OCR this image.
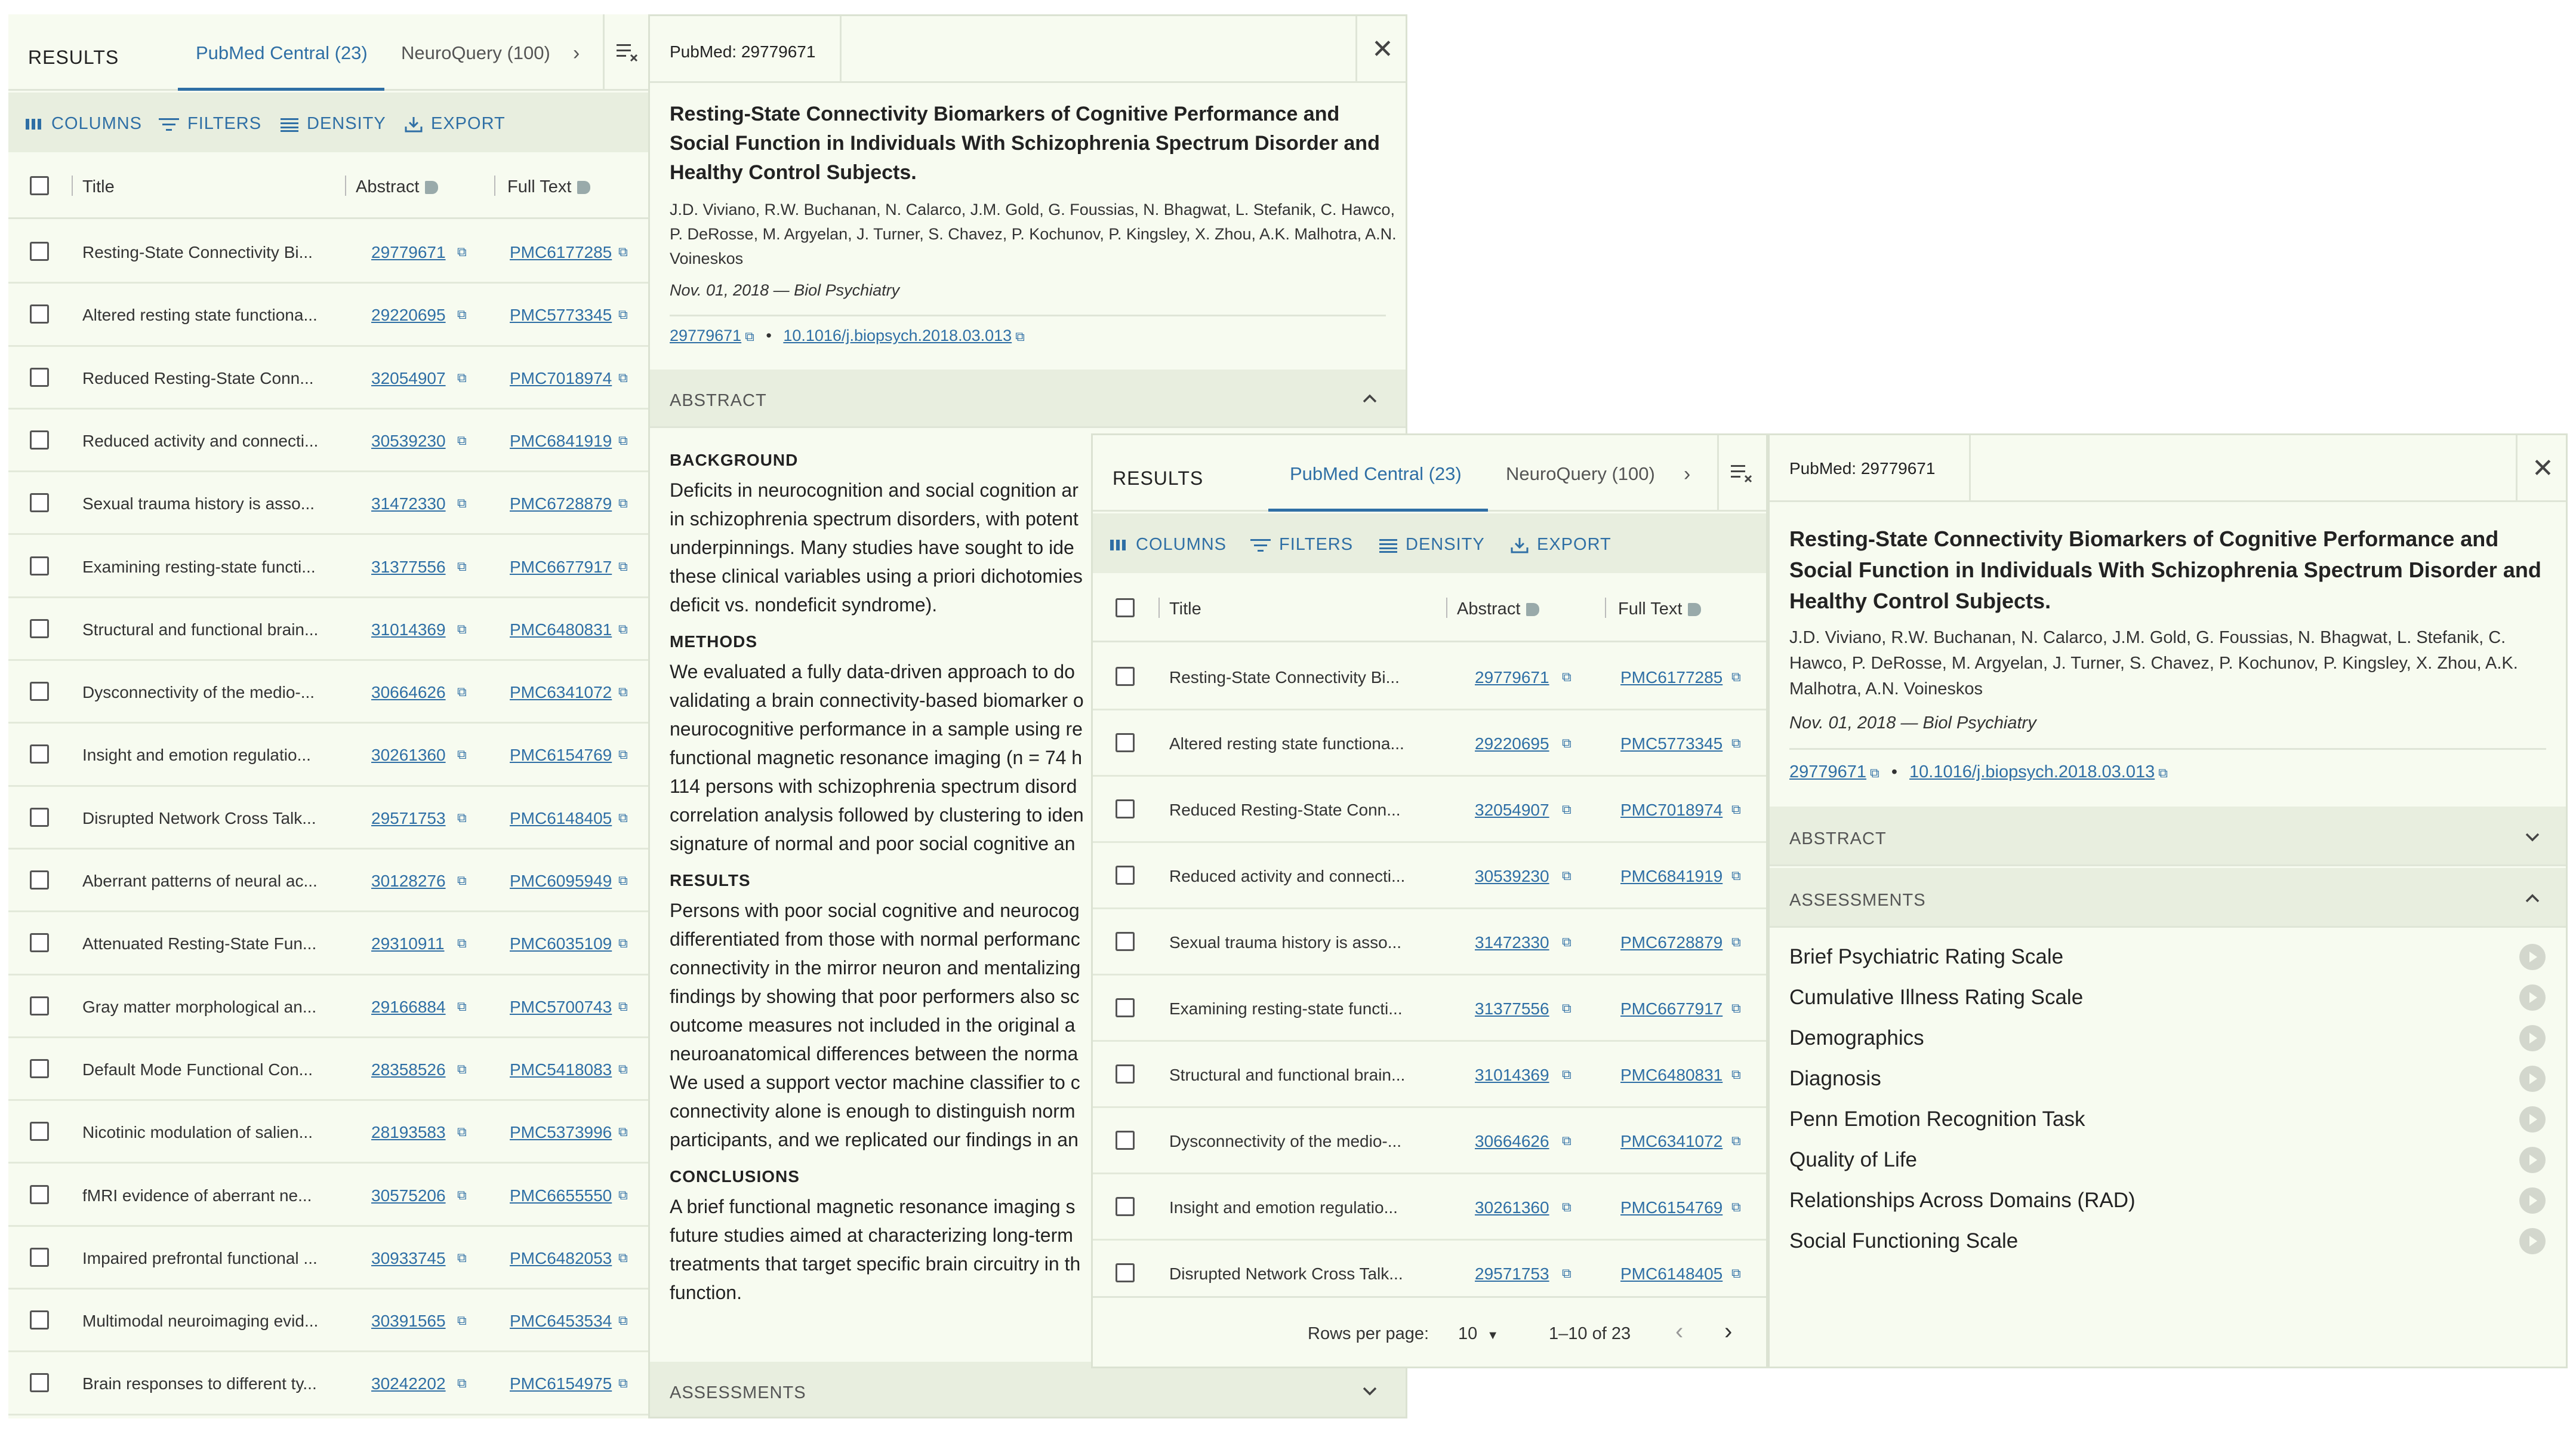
RESULTS	PubMed Central (23) NeuroQuery (100) ›
COLUMNS	FILTERS	DENSITY	EXPORT
Title	Abstract	Full Text
Resting-State Connectivity Bi...	29779671 ⧉	PMC6177285 ⧉
Altered resting state functiona...	29220695 ⧉	PMC5773345 ⧉
Reduced Resting-State Conn...	32054907 ⧉	PMC7018974 ⧉
Reduced activity and connecti...	30539230 ⧉	PMC6841919 ⧉
Sexual trauma history is asso...	31472330 ⧉	PMC6728879 ⧉
Examining resting-state functi...	31377556 ⧉	PMC6677917 ⧉
Structural and functional brain...	31014369 ⧉	PMC6480831 ⧉
Dysconnectivity of the medio-...	30664626 ⧉	PMC6341072 ⧉
Insight and emotion regulatio...	30261360 ⧉	PMC6154769 ⧉
Disrupted Network Cross Talk...	29571753 ⧉	PMC6148405 ⧉
Aberrant patterns of neural ac...	30128276 ⧉	PMC6095949 ⧉
Attenuated Resting-State Fun...	29310911 ⧉	PMC6035109 ⧉
Gray matter morphological an...	29166884 ⧉	PMC5700743 ⧉
Default Mode Functional Con...	28358526 ⧉	PMC5418083 ⧉
Nicotinic modulation of salien...	28193583 ⧉	PMC5373996 ⧉
fMRI evidence of aberrant ne...	30575206 ⧉	PMC6655550 ⧉
Impaired prefrontal functional ...	30933745 ⧉	PMC6482053 ⧉
Multimodal neuroimaging evid...	30391565 ⧉	PMC6453534 ⧉
Brain responses to different ty...	30242202 ⧉	PMC6154975 ⧉
PubMed: 29779671	✕
Resting-State Connectivity Biomarkers of Cognitive Performance and Social Function in Individuals With Schizophrenia Spectrum Disorder and Healthy Control Subjects.
J.D. Viviano, R.W. Buchanan, N. Calarco, J.M. Gold, G. Foussias, N. Bhagwat, L. Stefanik, C. Hawco, P. DeRosse, M. Argyelan, J. Turner, S. Chavez, P. Kochunov, P. Kingsley, X. Zhou, A.K. Malhotra, A.N. Voineskos
Nov. 01, 2018 — Biol Psychiatry
29779671 ⧉ • 10.1016/j.biopsych.2018.03.013 ⧉
ABSTRACT
BACKGROUND

Deficits in neurocognition and social cognition ar
in schizophrenia spectrum disorders, with potent
underpinnings. Many studies have sought to ide
these clinical variables using a priori dichotomies
deficit vs. nondeficit syndrome).

METHODS

We evaluated a fully data-driven approach to do
validating a brain connectivity-based biomarker o
neurocognitive performance in a sample using re
functional magnetic resonance imaging (n = 74 h
114 persons with schizophrenia spectrum disord
correlation analysis followed by clustering to iden
signature of normal and poor social cognitive an

RESULTS

Persons with poor social cognitive and neurocog
differentiated from those with normal performanc
connectivity in the mirror neuron and mentalizing
findings by showing that poor performers also sc
outcome measures not included in the original a
neuroanatomical differences between the norma
We used a support vector machine classifier to c
connectivity alone is enough to distinguish norm
participants, and we replicated our findings in an

CONCLUSIONS

A brief functional magnetic resonance imaging s
future studies aimed at characterizing long-term
treatments that target specific brain circuitry in th
function.

ASSESSMENTS
RESULTS	PubMed Central (23) NeuroQuery (100) ›
COLUMNS	FILTERS	DENSITY	EXPORT
Title	Abstract	Full Text
Resting-State Connectivity Bi...	29779671 ⧉	PMC6177285 ⧉
Altered resting state functiona...	29220695 ⧉	PMC5773345 ⧉
Reduced Resting-State Conn...	32054907 ⧉	PMC7018974 ⧉
Reduced activity and connecti...	30539230 ⧉	PMC6841919 ⧉
Sexual trauma history is asso...	31472330 ⧉	PMC6728879 ⧉
Examining resting-state functi...	31377556 ⧉	PMC6677917 ⧉
Structural and functional brain...	31014369 ⧉	PMC6480831 ⧉
Dysconnectivity of the medio-...	30664626 ⧉	PMC6341072 ⧉
Insight and emotion regulatio...	30261360 ⧉	PMC6154769 ⧉
Disrupted Network Cross Talk...	29571753 ⧉	PMC6148405 ⧉
Rows per page: 10 ▼	1–10 of 23 ‹ ›
PubMed: 29779671	✕
Resting-State Connectivity Biomarkers of Cognitive Performance and Social Function in Individuals With Schizophrenia Spectrum Disorder and Healthy Control Subjects.
J.D. Viviano, R.W. Buchanan, N. Calarco, J.M. Gold, G. Foussias, N. Bhagwat, L. Stefanik, C. Hawco, P. DeRosse, M. Argyelan, J. Turner, S. Chavez, P. Kochunov, P. Kingsley, X. Zhou, A.K. Malhotra, A.N. Voineskos
Nov. 01, 2018 — Biol Psychiatry
29779671 ⧉ • 10.1016/j.biopsych.2018.03.013 ⧉
ABSTRACT
ASSESSMENTS
Brief Psychiatric Rating Scale
Cumulative Illness Rating Scale
Demographics
Diagnosis
Penn Emotion Recognition Task
Quality of Life
Relationships Across Domains (RAD)
Social Functioning Scale
